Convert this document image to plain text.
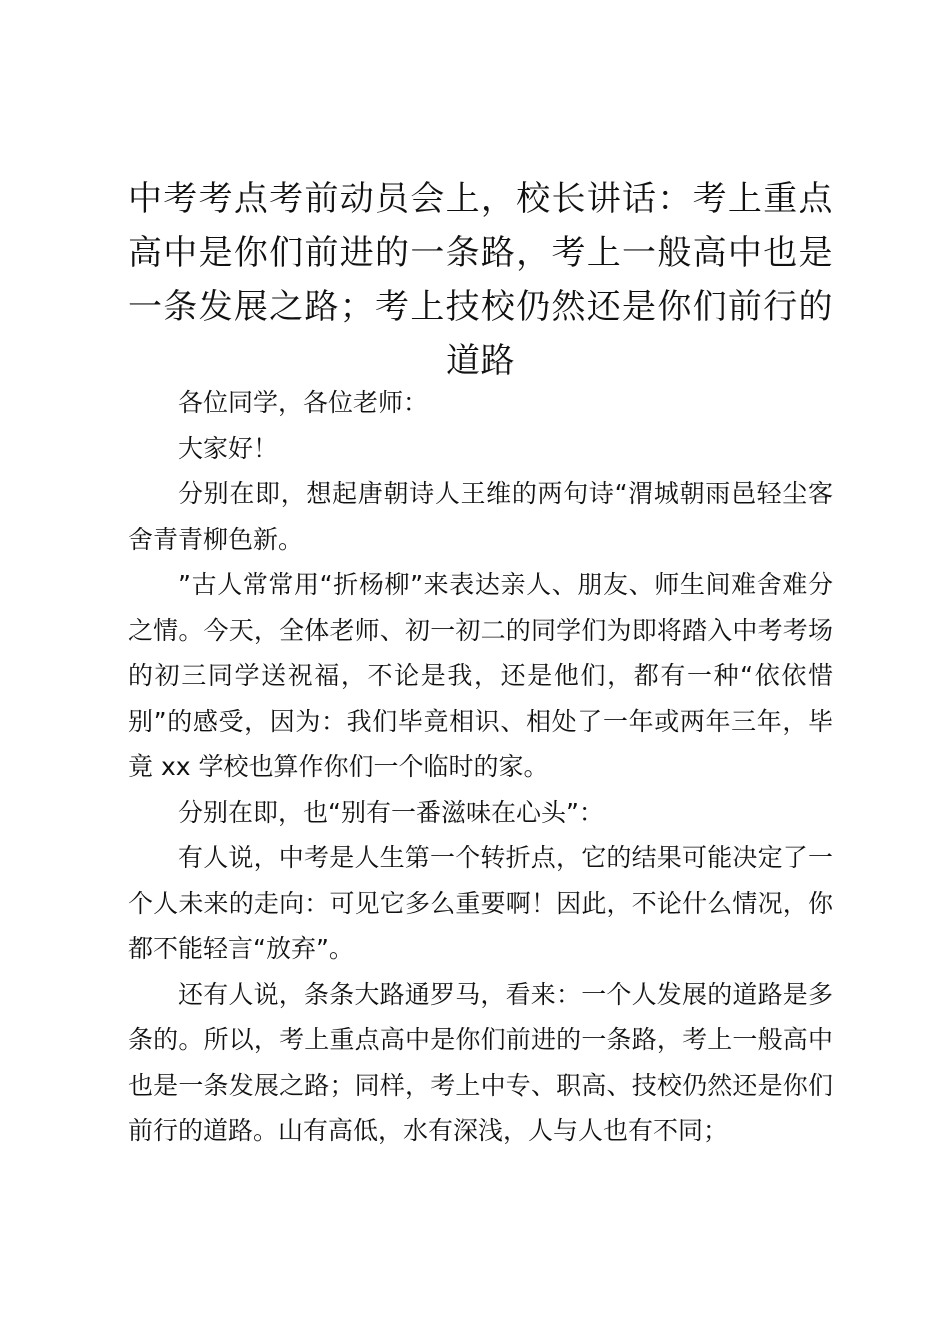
中考考点考前动员会上，校长讲话：考上重点高中是你们前进的一条路，考上一般高中也是一条发展之路；考上技校仍然还是你们前行的道路

各位同学，各位老师：

大家好！

分别在即，想起唐朝诗人王维的两句诗“渭城朝雨邑轻尘客舍青青柳色新。

”古人常常用“折杨柳”来表达亲人、朋友、师生间难舍难分之情。今天，全体老师、初一初二的同学们为即将踏入中考考场的初三同学送祝福，不论是我，还是他们，都有一种“依依惜别”的感受，因为：我们毕竟相识、相处了一年或两年三年，毕竟 xx 学校也算作你们一个临时的家。

分别在即，也“别有一番滋味在心头”：

有人说，中考是人生第一个转折点，它的结果可能决定了一个人未来的走向：可见它多么重要啊！因此，不论什么情况，你都不能轻言“放弃”。

还有人说，条条大路通罗马，看来：一个人发展的道路是多条的。所以，考上重点高中是你们前进的一条路，考上一般高中也是一条发展之路；同样，考上中专、职高、技校仍然还是你们前行的道路。山有高低，水有深浅，人与人也有不同；
